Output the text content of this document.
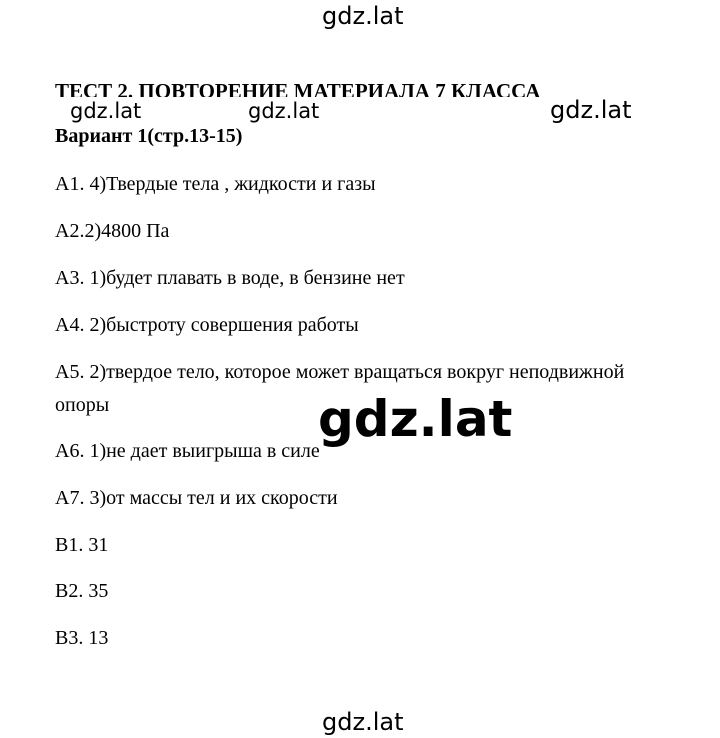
gdz.lat
ТЕСТ 2. ПОВТОРЕНИЕ МАТЕРИАЛА 7 КЛАССА
gdz.lat	gdz.lat	gdz.lat
Вариант 1(стр.13-15)
А1. 4)Твердые тела , жидкости и газы
А2.2)4800 Па
А3. 1)будет плавать в воде, в бензине нет
А4. 2)быстроту совершения работы
А5. 2)твердое тело, которое может вращаться вокруг неподвижной
опоры
А6. 1)не дает выигрыша в силе
А7. 3)от массы тел и их скорости
В1. 31
В2. 35
В3. 13
gdz.lat
gdz.lat
